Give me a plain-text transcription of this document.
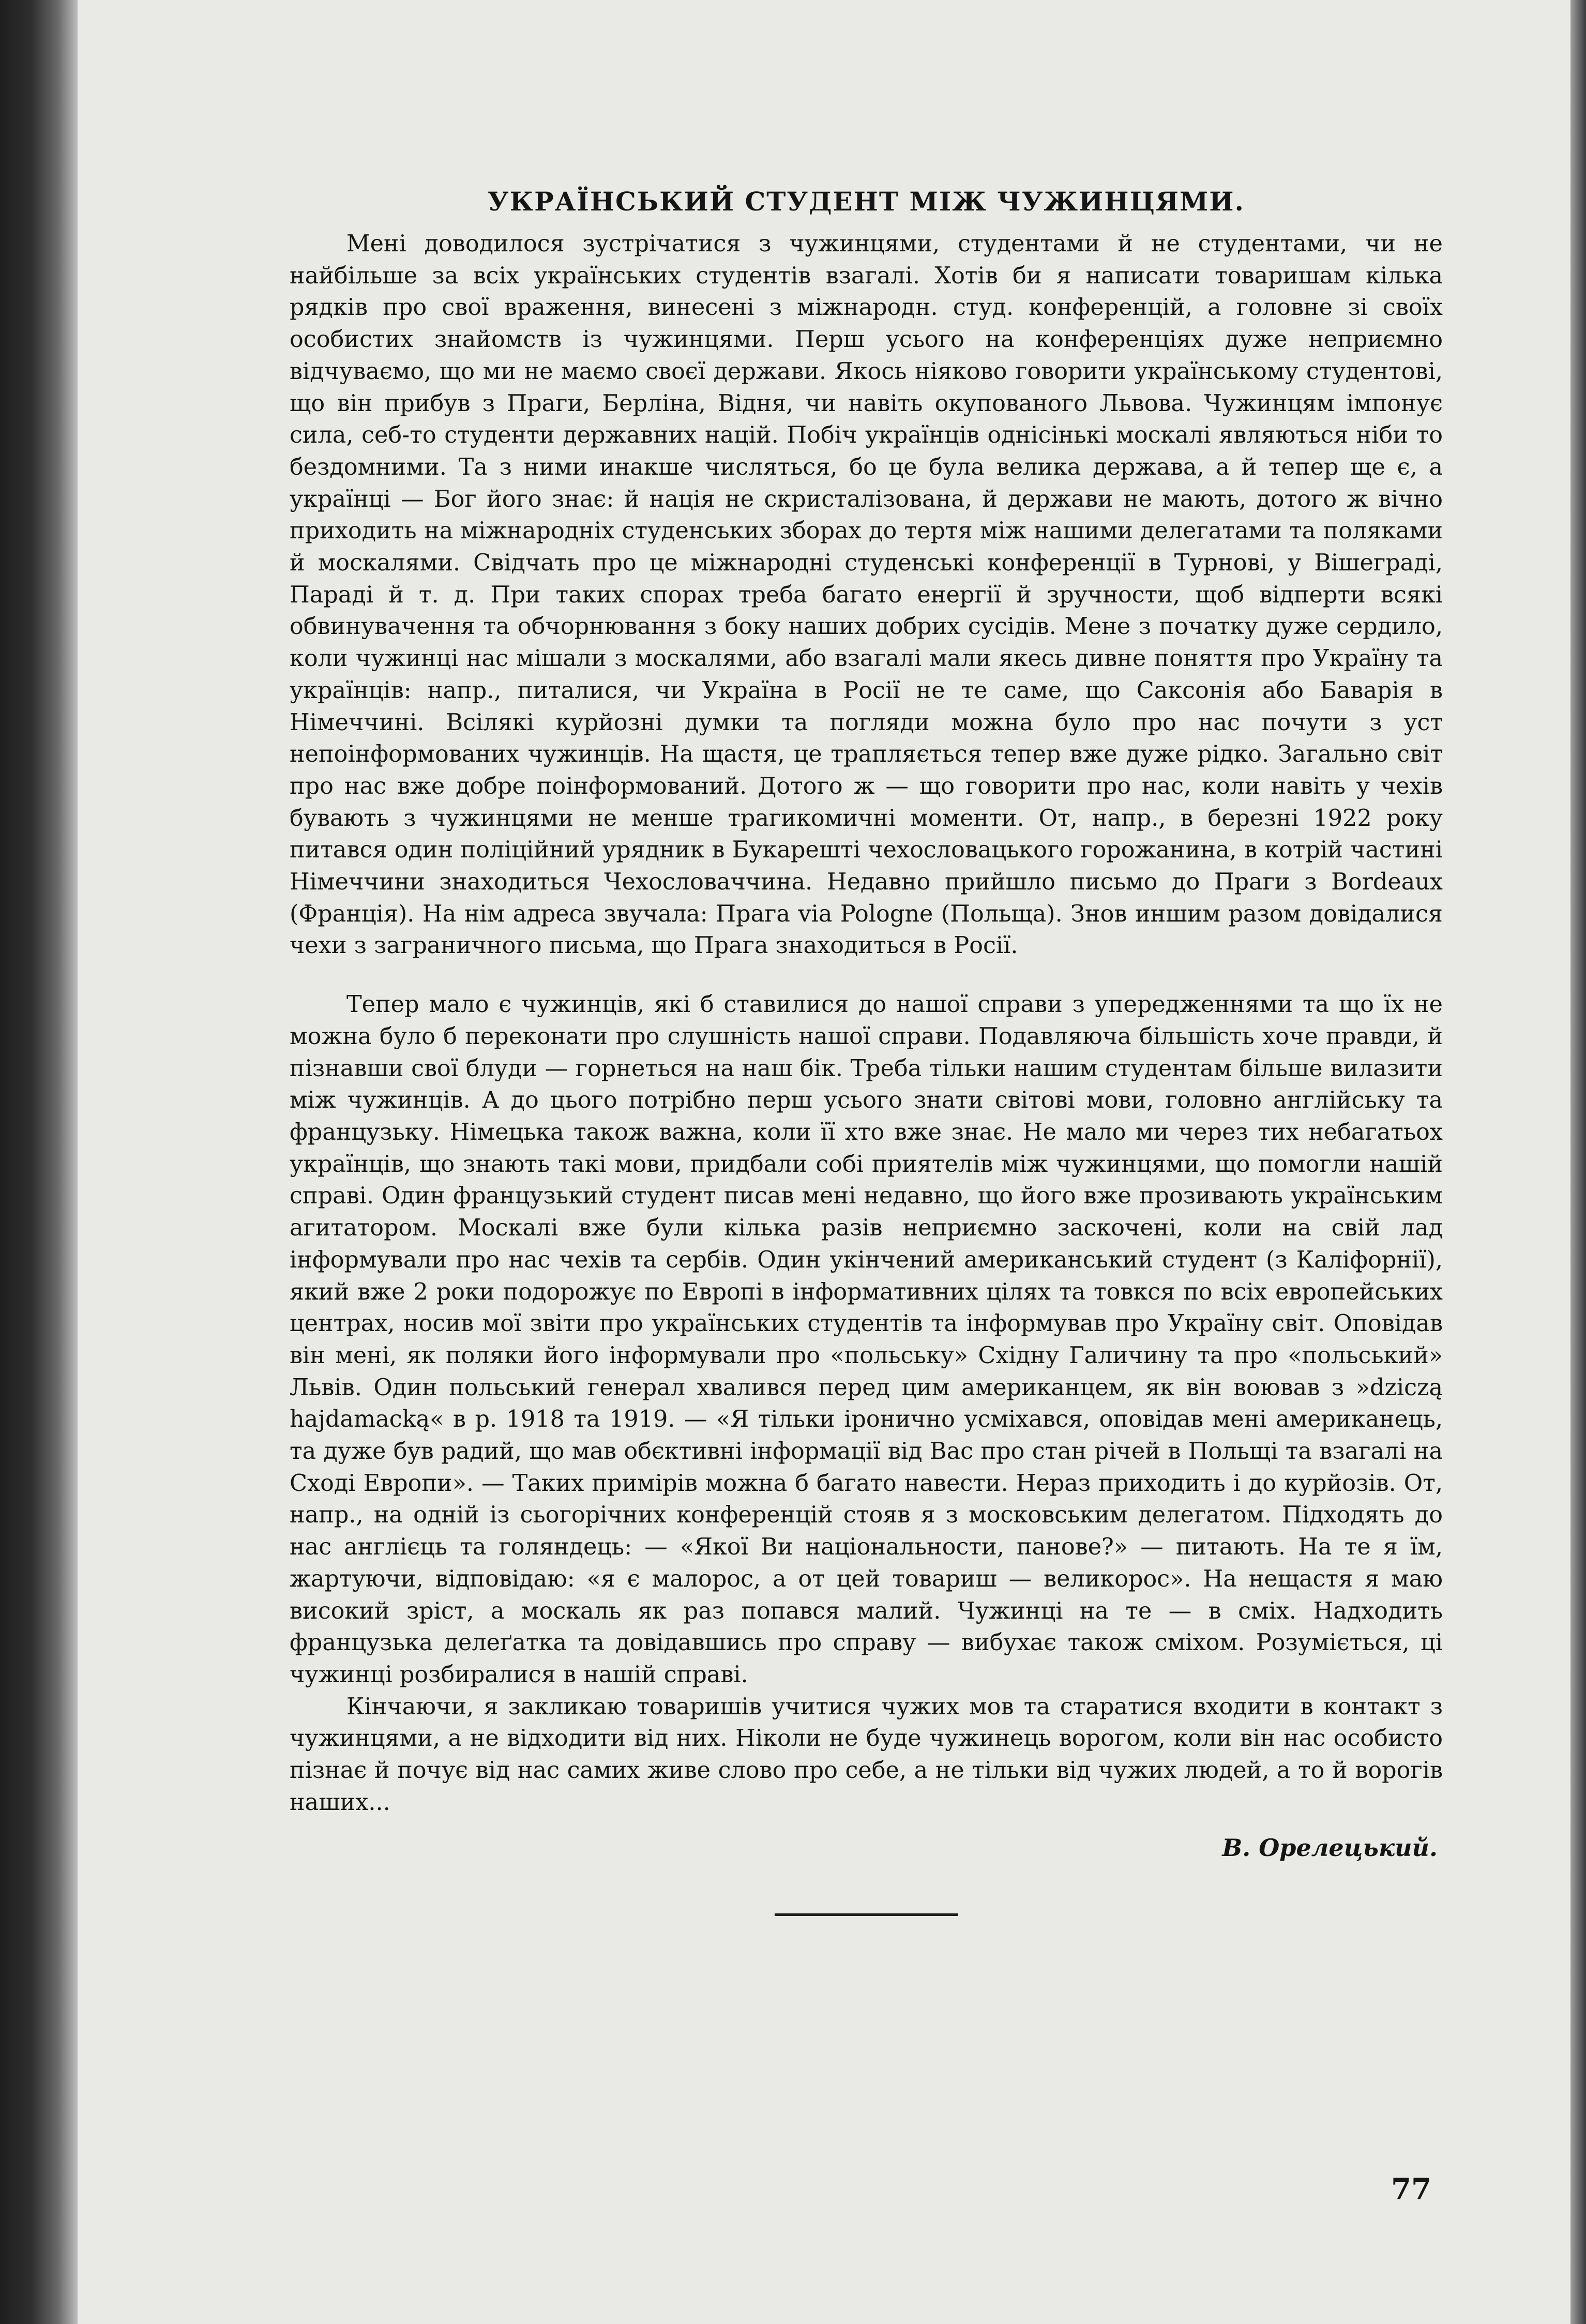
УКРАЇНСЬКИЙ СТУДЕНТ МІЖ ЧУЖИНЦЯМИ.

Мені доводилося зустрічатися з чужинцями, студентами й не студентами, чи не найбільше за всіх українських студентів взагалі. Хотів би я написати товаришам кілька рядків про свої враження, винесені з міжнародн. студ. конференцій, а головне зі своїх особистих знайомств із чужинцями. Перш усього на конференціях дуже неприємно відчуваємо, що ми не маємо своєї держави. Якось ніяково говорити українському студентові, що він прибув з Праги, Берліна, Відня, чи навіть окупованого Львова. Чужинцям імпонує сила, себ-то студенти державних націй. Побіч українців однісінькі москалі являються ніби то бездомними. Та з ними инакше числяться, бо це була велика держава, а й тепер ще є, а українці — Бог його знає: й нація не скристалізована, й держави не мають, дотого ж вічно приходить на міжнародніх студенських зборах до тертя між нашими делегатами та поляками й москалями. Свідчать про це міжнародні студенські конференції в Турнові, у Вішеграді, Параді й т. д. При таких спорах треба багато енергії й зручности, щоб відперти всякі обвинувачення та обчорнювання з боку наших добрих сусідів. Мене з початку дуже сердило, коли чужинці нас мішали з москалями, або взагалі мали якесь дивне поняття про Україну та українців: напр., питалися, чи Україна в Росії не те саме, що Саксонія або Баварія в Німеччині. Всілякі курйозні думки та погляди можна було про нас почути з уст непоінформованих чужинців. На щастя, це трапляється тепер вже дуже рідко. Загально світ про нас вже добре поінформований. Дотого ж — що говорити про нас, коли навіть у чехів бувають з чужинцями не менше трагикомичні моменти. От, напр., в березні 1922 року питався один поліційний урядник в Букарешті чехословацького горожанина, в котрій частині Німеччини знаходиться Чехословаччина. Недавно прийшло письмо до Праги з Bordeaux (Франція). На нім адреса звучала: Прага via Pologne (Польща). Знов иншим разом довідалися чехи з заграничного письма, що Прага знаходиться в Росії.

Тепер мало є чужинців, які б ставилися до нашої справи з упередженнями та що їх не можна було б переконати про слушність нашої справи. Подавляюча більшість хоче правди, й пізнавши свої блуди — горнеться на наш бік. Треба тільки нашим студентам більше вилазити між чужинців. А до цього потрібно перш усього знати світові мови, головно англійську та французьку. Німецька також важна, коли її хто вже знає. Не мало ми через тих небагатьох українців, що знають такі мови, придбали собі приятелів між чужинцями, що помогли нашій справі. Один французький студент писав мені недавно, що його вже прозивають українським агитатором. Москалі вже були кілька разів неприємно заскочені, коли на свій лад інформували про нас чехів та сербів. Один укінчений американський студент (з Каліфорнії), який вже 2 роки подорожує по Европі в інформативних цілях та товкся по всіх европейських центрах, носив мої звіти про українських студентів та інформував про Україну світ. Оповідав він мені, як поляки його інформували про «польську» Східну Галичину та про «польський» Львів. Один польський генерал хвалився перед цим американцем, як він воював з »dziczą hajdamacką« в р. 1918 та 1919. — «Я тільки іронично усміхався, оповідав мені американець, та дуже був радий, що мав обєктивні інформації від Вас про стан річей в Польщі та взагалі на Сході Европи». — Таких примірів можна б багато навести. Нераз приходить і до курйозів. От, напр., на одній із сьогорічних конференцій стояв я з московським делегатом. Підходять до нас англієць та голяндець: — «Якої Ви національности, панове?» — питають. На те я їм, жартуючи, відповідаю: «я є малорос, а от цей товариш — великорос». На нещастя я маю високий зріст, а москаль як раз попався малий. Чужинці на те — в сміх. Надходить французька делеґатка та довідавшись про справу — вибухає також сміхом. Розуміється, ці чужинці розбиралися в нашій справі.

Кінчаючи, я закликаю товаришів учитися чужих мов та старатися входити в контакт з чужинцями, а не відходити від них. Ніколи не буде чужинець ворогом, коли він нас особисто пізнає й почує від нас самих живе слово про себе, а не тільки від чужих людей, а то й ворогів наших...

В. Орелецький.
77
